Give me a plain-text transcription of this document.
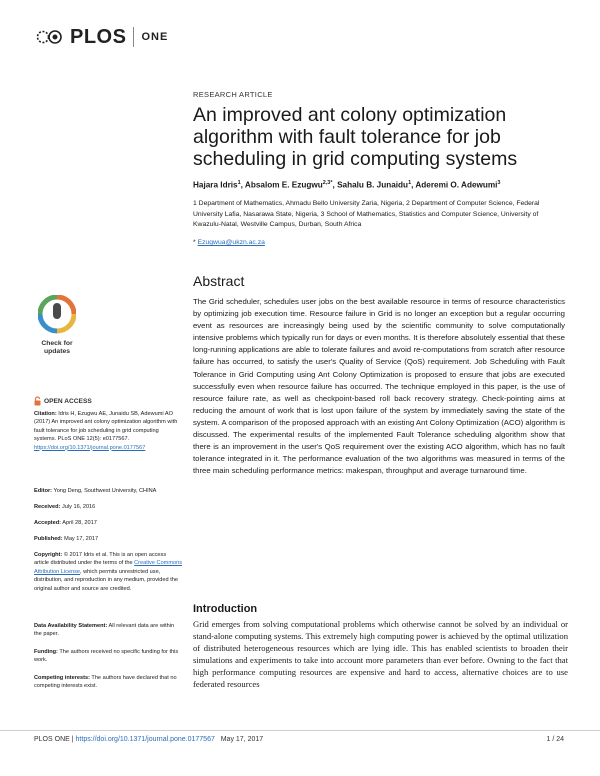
PLOS ONE
RESEARCH ARTICLE
An improved ant colony optimization algorithm with fault tolerance for job scheduling in grid computing systems
Hajara Idris$^1$, Absalom E. Ezugwu$^{2,3*}$, Sahalu B. Junaidu$^1$, Aderemi O. Adewumi$^3$
1 Department of Mathematics, Ahmadu Bello University Zaria, Nigeria, 2 Department of Computer Science, Federal University Lafia, Nasarawa State, Nigeria, 3 School of Mathematics, Statistics and Computer Science, University of Kwazulu-Natal, Westville Campus, Durban, South Africa
* Ezugwua@ukzn.ac.za
Abstract
The Grid scheduler, schedules user jobs on the best available resource in terms of resource characteristics by optimizing job execution time. Resource failure in Grid is no longer an exception but a regular occurring event as resources are increasingly being used by the scientific community to solve computationally intensive problems which typically run for days or even months. It is therefore absolutely essential that these long-running applications are able to tolerate failures and avoid re-computations from scratch after resource failure has occurred, to satisfy the user's Quality of Service (QoS) requirement. Job Scheduling with Fault Tolerance in Grid Computing using Ant Colony Optimization is proposed to ensure that jobs are executed successfully even when resource failure has occurred. The technique employed in this paper, is the use of resource failure rate, as well as checkpoint-based roll back recovery strategy. Check-pointing aims at reducing the amount of work that is lost upon failure of the system by immediately saving the state of the system. A comparison of the proposed approach with an existing Ant Colony Optimization (ACO) algorithm is discussed. The experimental results of the implemented Fault Tolerance scheduling algorithm show that there is an improvement in the user's QoS requirement over the existing ACO algorithm, which has no fault tolerance integrated in it. The performance evaluation of the two algorithms was measured in terms of the three main scheduling performance metrics: makespan, throughput and average turnaround time.
Introduction
Grid emerges from solving computational problems which otherwise cannot be solved by an individual or stand-alone computing systems. This extremely high computing power is achieved by the optimal utilization of distributed heterogeneous resources which are lying idle. This has enabled scientists to broaden their simulations and experiments to take into account more parameters than ever before. Owning to the fact that high performance computing resources are expensive and hard to access, alternative choices are to use federated resources
Check for
updates
OPEN ACCESS
Citation: Idris H, Ezugwu AE, Junaidu SB, Adewumi AO (2017) An improved ant colony optimization algorithm with fault tolerance for job scheduling in grid computing systems. PLoS ONE 12(5): e0177567. https://doi.org/10.1371/journal.pone.0177567
Editor: Yong Deng, Southwest University, CHINA
Received: July 16, 2016
Accepted: April 28, 2017
Published: May 17, 2017
Copyright: © 2017 Idris et al. This is an open access article distributed under the terms of the Creative Commons Attribution License, which permits unrestricted use, distribution, and reproduction in any medium, provided the original author and source are credited.
Data Availability Statement: All relevant data are within the paper.
Funding: The authors received no specific funding for this work.
Competing interests: The authors have declared that no competing interests exist.
PLOS ONE
|
https://doi.org/10.1371/journal.pone.0177567
May 17, 2017	1 / 24
